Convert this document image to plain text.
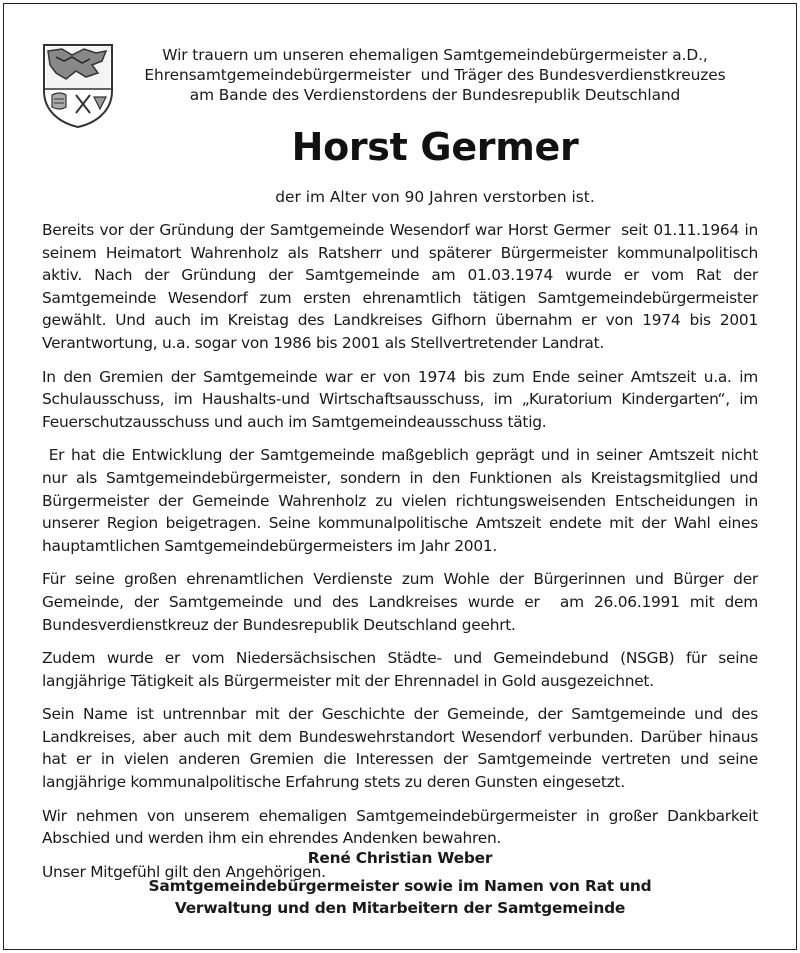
Wir trauern um unseren ehemaligen Samtgemeindebürgermeister a.D.,
Ehrensamtgemeindebürgermeister  und Träger des Bundesverdienstkreuzes
am Bande des Verdienstordens der Bundesrepublik Deutschland
Horst Germer
der im Alter von 90 Jahren verstorben ist.

Bereits vor der Gründung der Samtgemeinde Wesendorf war Horst Germer  seit 01.11.1964 in seinem Heimatort Wahrenholz als Ratsherr und späterer Bürgermeister kommunalpolitisch aktiv. Nach der Gründung der Samtgemeinde am 01.03.1974 wurde er vom Rat der Samtgemeinde Wesendorf zum ersten ehrenamtlich tätigen Samtgemeindebürgermeister gewählt. Und auch im Kreistag des Landkreises Gifhorn übernahm er von 1974 bis 2001 Verantwortung, u.a. sogar von 1986 bis 2001 als Stellvertretender Landrat.

In den Gremien der Samtgemeinde war er von 1974 bis zum Ende seiner Amtszeit u.a. im Schulausschuss, im Haushalts-und Wirtschaftsausschuss, im „Kuratorium Kindergarten“, im Feuerschutzausschuss und auch im Samtgemeindeausschuss tätig.

Er hat die Entwicklung der Samtgemeinde maßgeblich geprägt und in seiner Amtszeit nicht nur als Samtgemeindebürgermeister, sondern in den Funktionen als Kreistagsmitglied und Bürgermeister der Gemeinde Wahrenholz zu vielen richtungsweisenden Entscheidungen in unserer Region beigetragen. Seine kommunalpolitische Amtszeit endete mit der Wahl eines hauptamtlichen Samtgemeindebürgermeisters im Jahr 2001.

Für seine großen ehrenamtlichen Verdienste zum Wohle der Bürgerinnen und Bürger der Gemeinde, der Samtgemeinde und des Landkreises wurde er  am 26.06.1991 mit dem Bundesverdienstkreuz der Bundesrepublik Deutschland geehrt.

Zudem wurde er vom Niedersächsischen Städte- und Gemeindebund (NSGB) für seine langjährige Tätigkeit als Bürgermeister mit der Ehrennadel in Gold ausgezeichnet.

Sein Name ist untrennbar mit der Geschichte der Gemeinde, der Samtgemeinde und des Landkreises, aber auch mit dem Bundeswehrstandort Wesendorf verbunden. Darüber hinaus hat er in vielen anderen Gremien die Interessen der Samtgemeinde vertreten und seine langjährige kommunalpolitische Erfahrung stets zu deren Gunsten eingesetzt.

Wir nehmen von unserem ehemaligen Samtgemeindebürgermeister in großer Dankbarkeit Abschied und werden ihm ein ehrendes Andenken bewahren.

Unser Mitgefühl gilt den Angehörigen.

René Christian Weber
Samtgemeindebürgermeister sowie im Namen von Rat und
Verwaltung und den Mitarbeitern der Samtgemeinde
